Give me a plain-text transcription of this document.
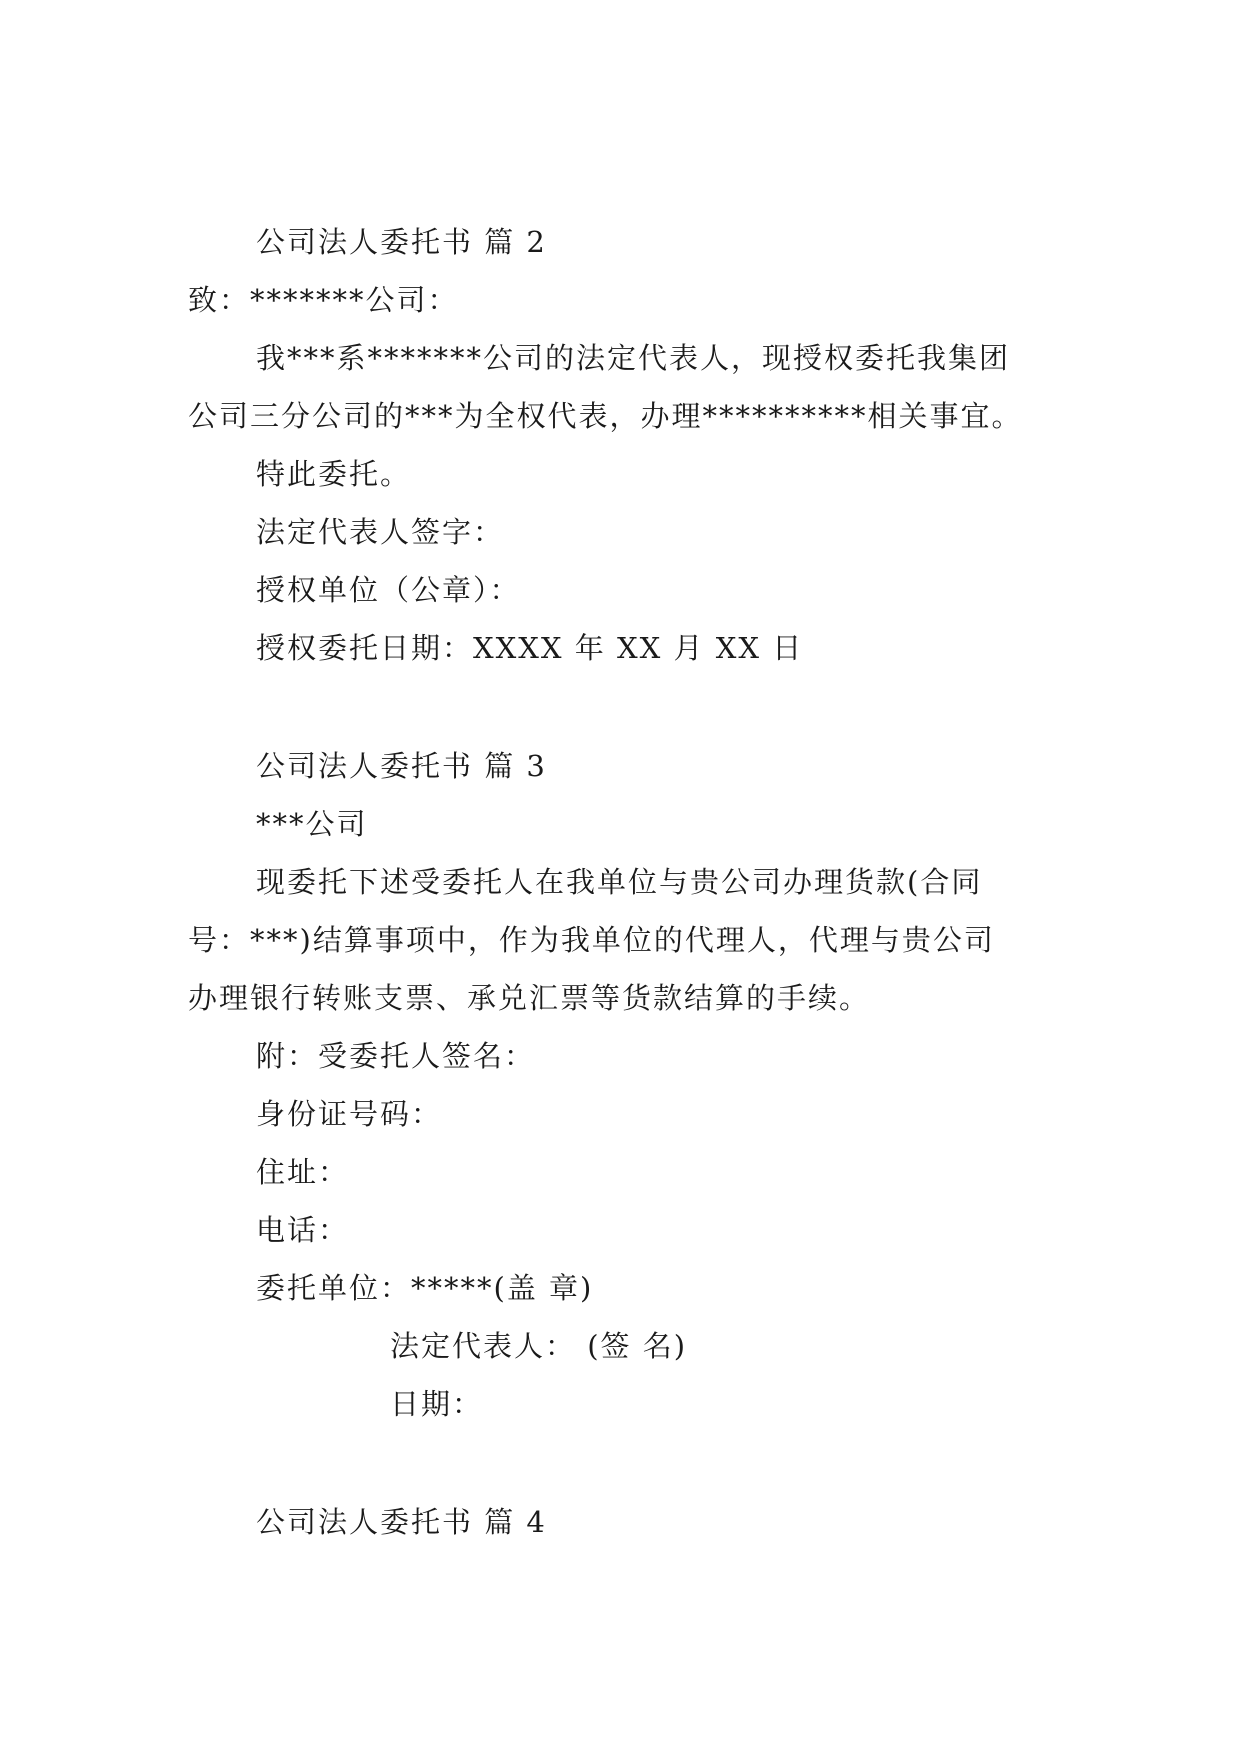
公司法人委托书 篇 2
致：*******公司：
我***系*******公司的法定代表人，现授权委托我集团
公司三分公司的***为全权代表，办理**********相关事宜。
特此委托。
法定代表人签字：
授权单位（公章）：
授权委托日期：XXXX 年 XX 月 XX 日
公司法人委托书 篇 3
***公司
现委托下述受委托人在我单位与贵公司办理货款(合同
号：***)结算事项中，作为我单位的代理人，代理与贵公司
办理银行转账支票、承兑汇票等货款结算的手续。
附：受委托人签名：
身份证号码：
住址：
电话：
委托单位：*****(盖 章)
法定代表人： (签 名)
日期：
公司法人委托书 篇 4
